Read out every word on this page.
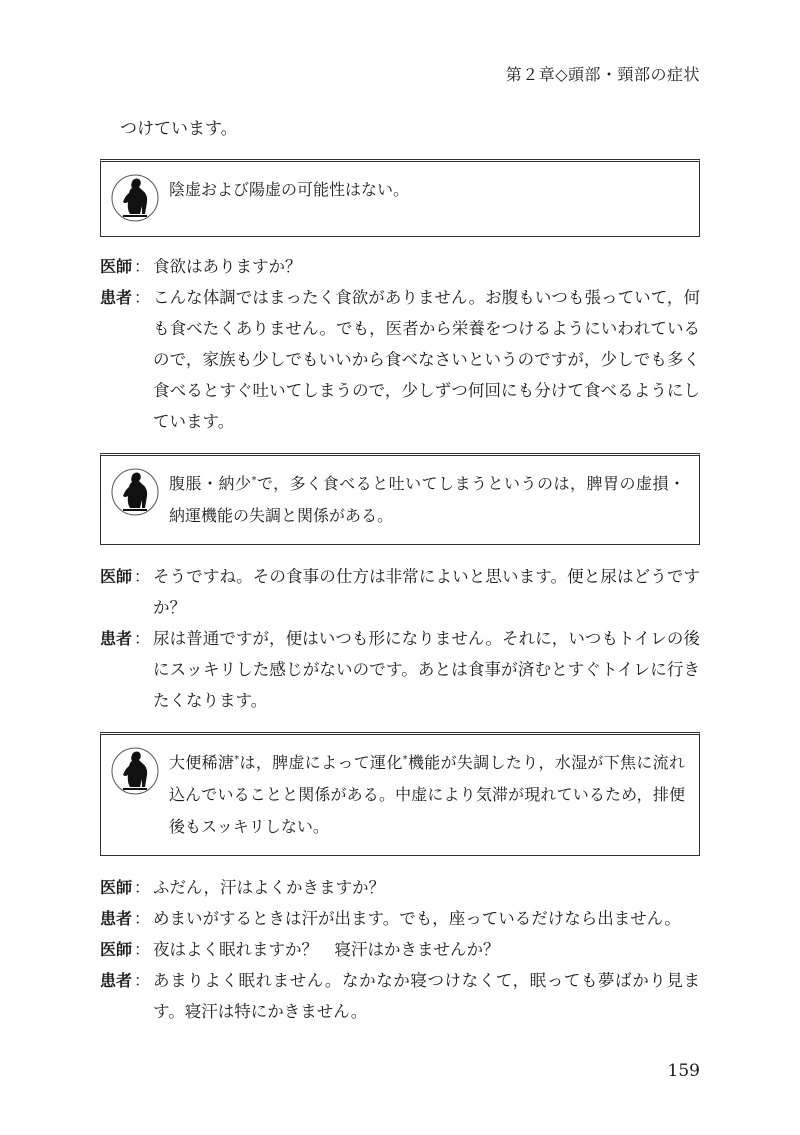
第２章◇頭部・頸部の症状

つけています。

陰虚および陽虚の可能性はない。
医師 ： 食欲はありますか？
患者 ： こんな体調ではまったく食欲がありません。お腹もいつも張っていて，何も食べたくありません。でも，医者から栄養をつけるようにいわれているので，家族も少しでもいいから食べなさいというのですが，少しでも多く食べるとすぐ吐いてしまうので，少しずつ何回にも分けて食べるようにしています。
腹脹・納少*で，多く食べると吐いてしまうというのは，脾胃の虚損・納運機能の失調と関係がある。
医師 ： そうですね。その食事の仕方は非常によいと思います。便と尿はどうですか？
患者 ： 尿は普通ですが，便はいつも形になりません。それに，いつもトイレの後にスッキリした感じがないのです。あとは食事が済むとすぐトイレに行きたくなります。
大便稀溏*は，脾虚によって運化*機能が失調したり，水湿が下焦に流れ込んでいることと関係がある。中虚により気滞が現れているため，排便後もスッキリしない。
医師 ： ふだん，汗はよくかきますか？
患者 ： めまいがするときは汗が出ます。でも，座っているだけなら出ません。
医師 ： 夜はよく眠れますか？　寝汗はかきませんか？
患者 ： あまりよく眠れません。なかなか寝つけなくて，眠っても夢ばかり見ます。寝汗は特にかきません。
159
